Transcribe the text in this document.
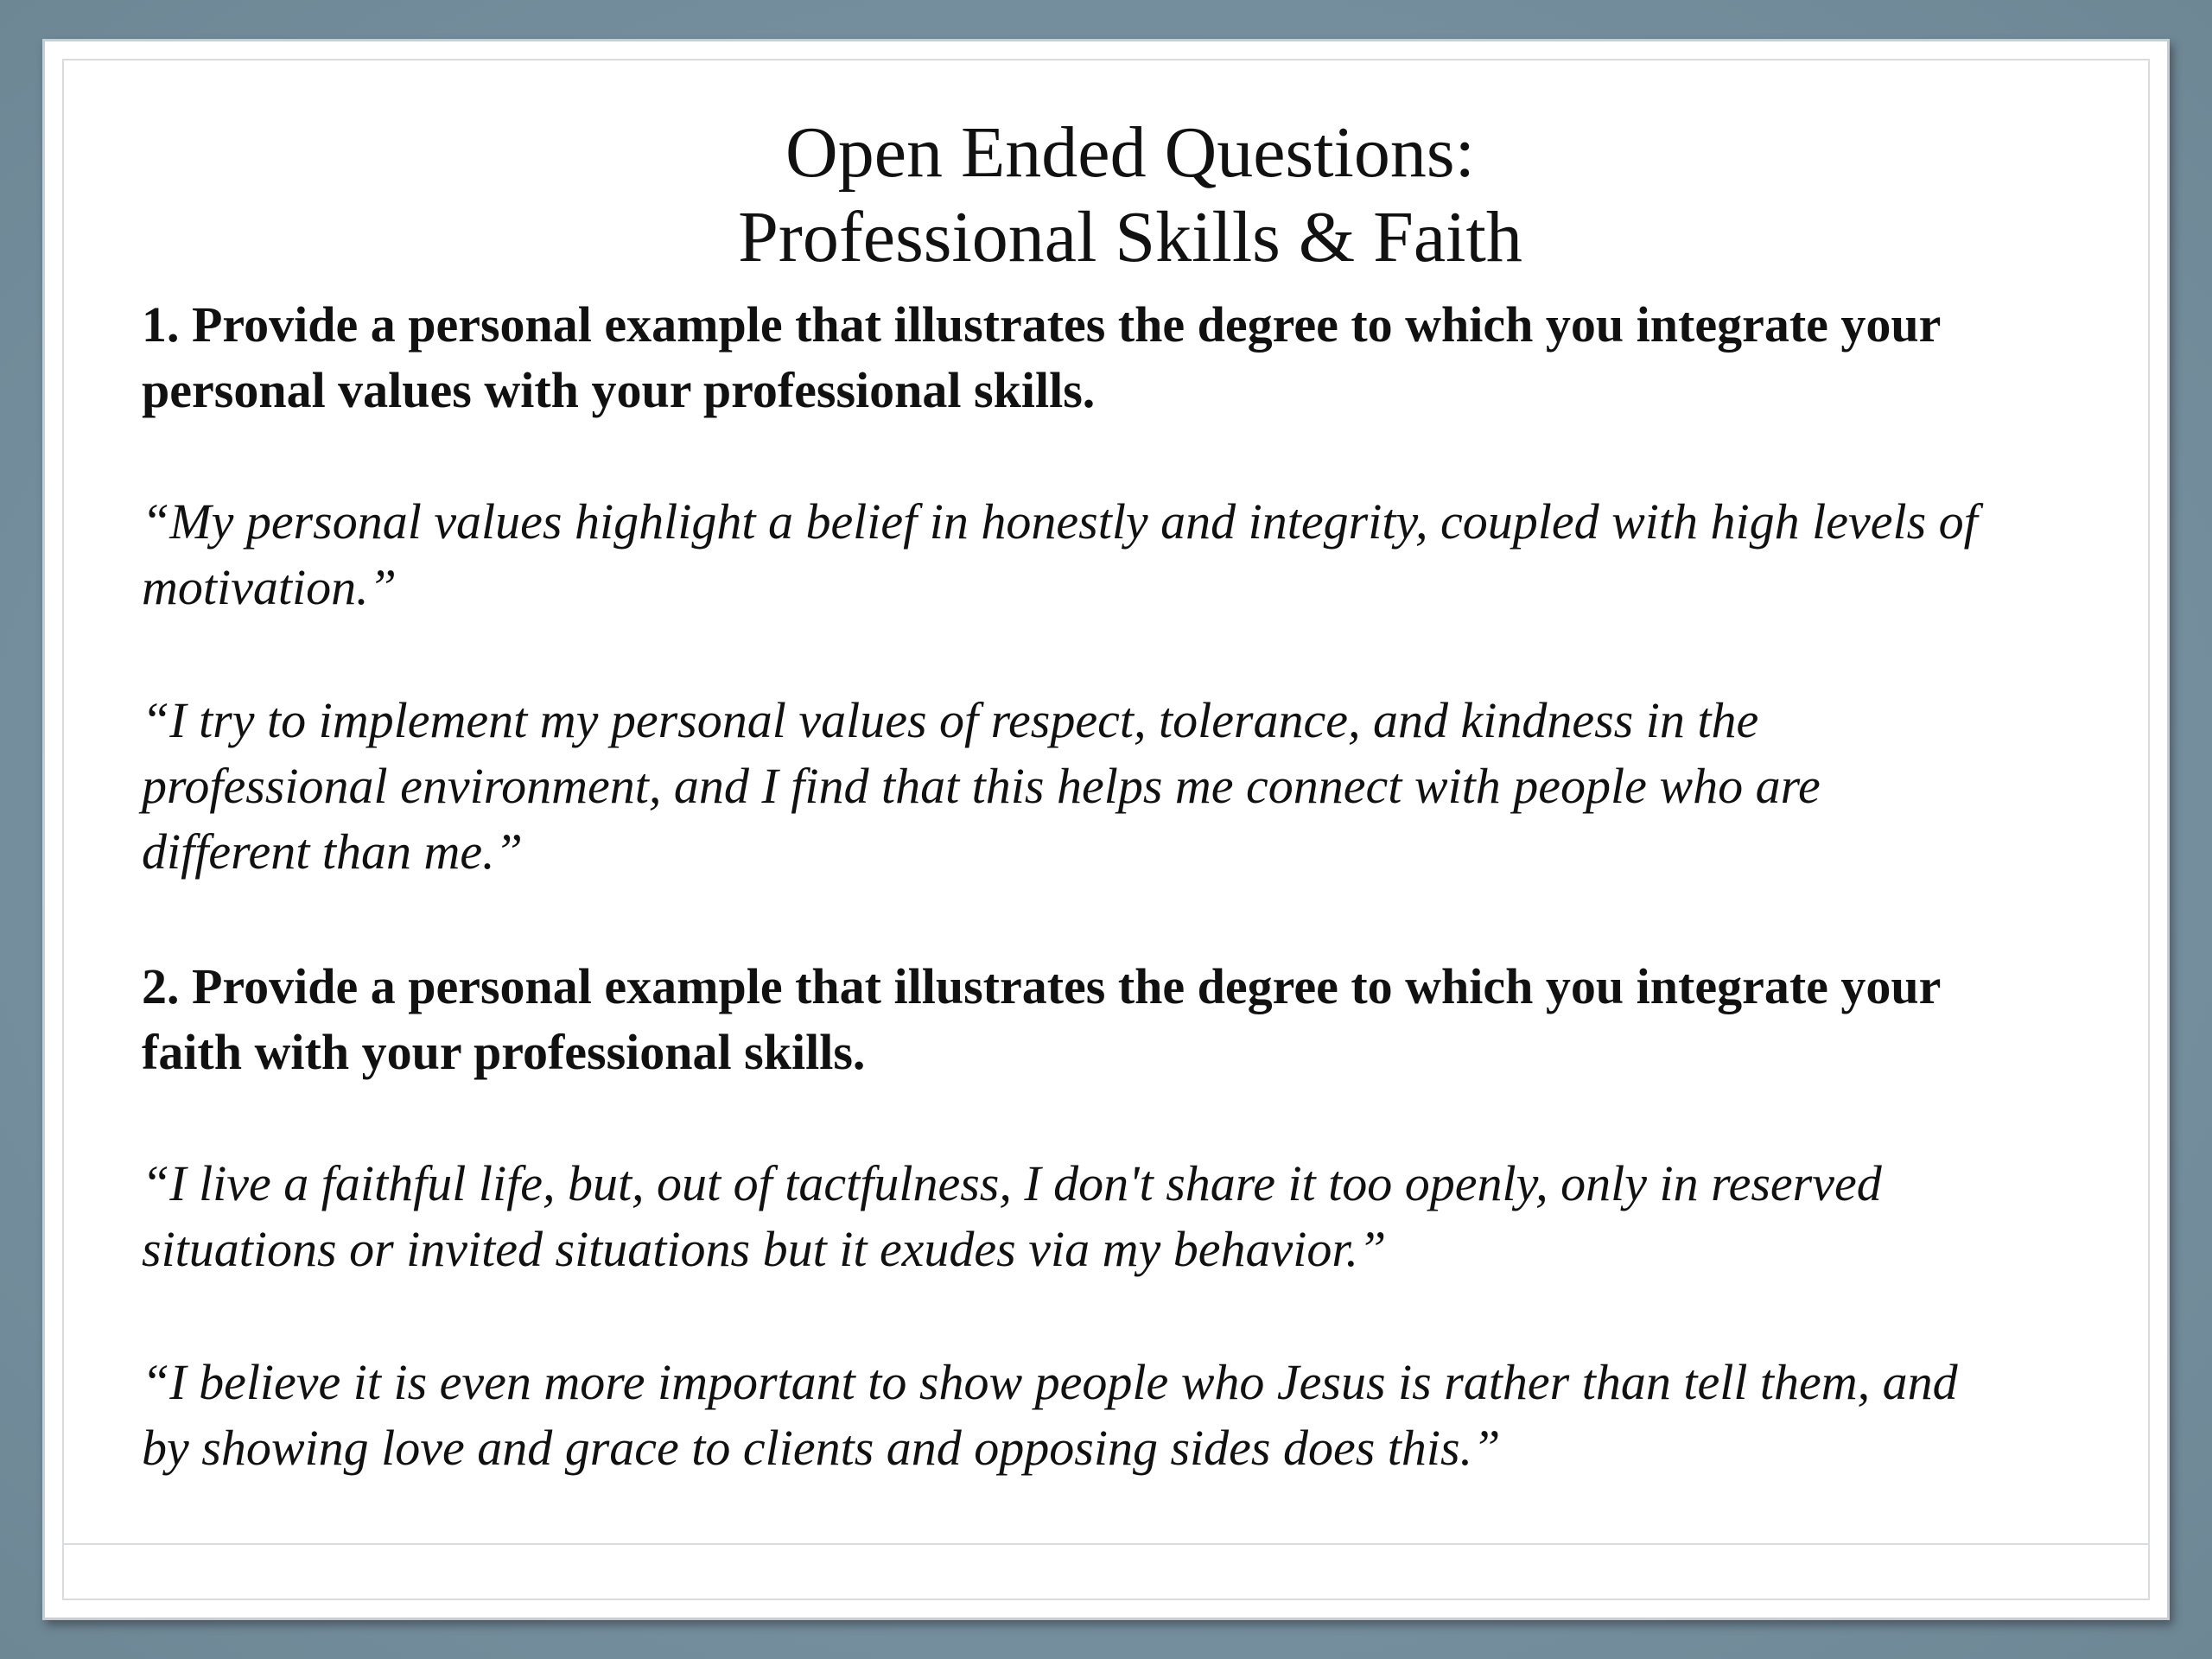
Open Ended Questions:
Professional Skills & Faith

1. Provide a personal example that illustrates the degree to which you integrate your personal values with your professional skills.

“My personal values highlight a belief in honestly and integrity, coupled with high levels of motivation.”

“I try to implement my personal values of respect, tolerance, and kindness in the professional environment, and I find that this helps me connect with people who are different than me.”

2. Provide a personal example that illustrates the degree to which you integrate your faith with your professional skills.

“I live a faithful life, but, out of tactfulness, I don't share it too openly, only in reserved situations or invited situations but it exudes via my behavior.”

“I believe it is even more important to show people who Jesus is rather than tell them, and by showing love and grace to clients and opposing sides does this.”
